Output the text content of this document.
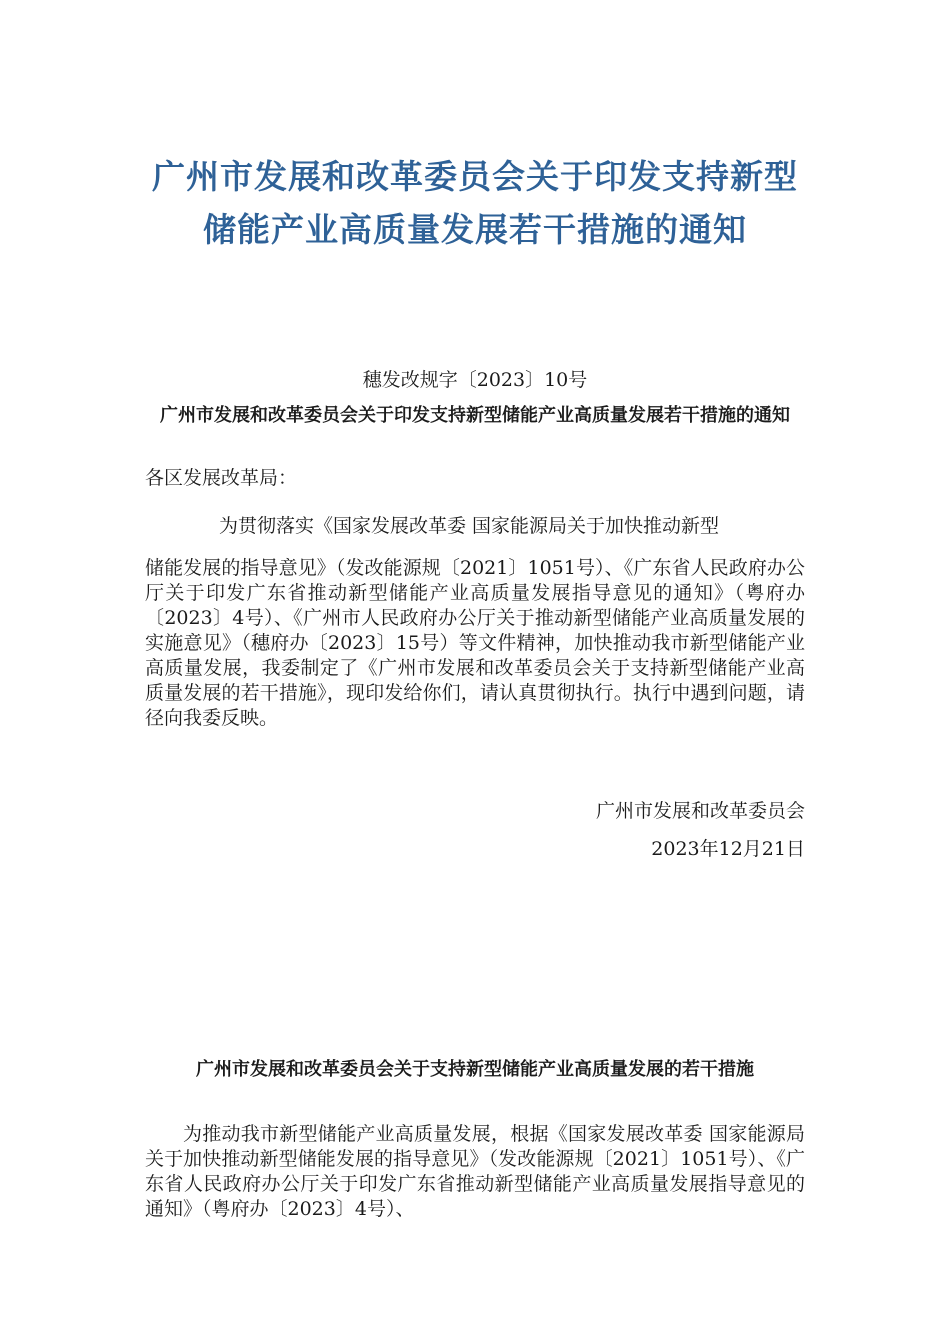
广州市发展和改革委员会关于印发支持新型储能产业高质量发展若干措施的通知
穗发改规字〔2023〕10号
广州市发展和改革委员会关于印发支持新型储能产业高质量发展若干措施的通知
各区发展改革局：

为贯彻落实《国家发展改革委 国家能源局关于加快推动新型
储能发展的指导意见》（发改能源规〔2021〕1051号）、《广东省人民政府办公厅关于印发广东省推动新型储能产业高质量发展指导意见的通知》（粤府办〔2023〕4号）、《广州市人民政府办公厅关于推动新型储能产业高质量发展的实施意见》（穗府办〔2023〕15号）等文件精神，加快推动我市新型储能产业高质量发展，我委制定了《广州市发展和改革委员会关于支持新型储能产业高质量发展的若干措施》，现印发给你们，请认真贯彻执行。执行中遇到问题，请径向我委反映。

广州市发展和改革委员会
2023年12月21日
广州市发展和改革委员会关于支持新型储能产业高质量发展的若干措施

为推动我市新型储能产业高质量发展，根据《国家发展改革委 国家能源局关于加快推动新型储能发展的指导意见》（发改能源规〔2021〕1051号）、《广东省人民政府办公厅关于印发广东省推动新型储能产业高质量发展指导意见的通知》（粤府办〔2023〕4号）、
